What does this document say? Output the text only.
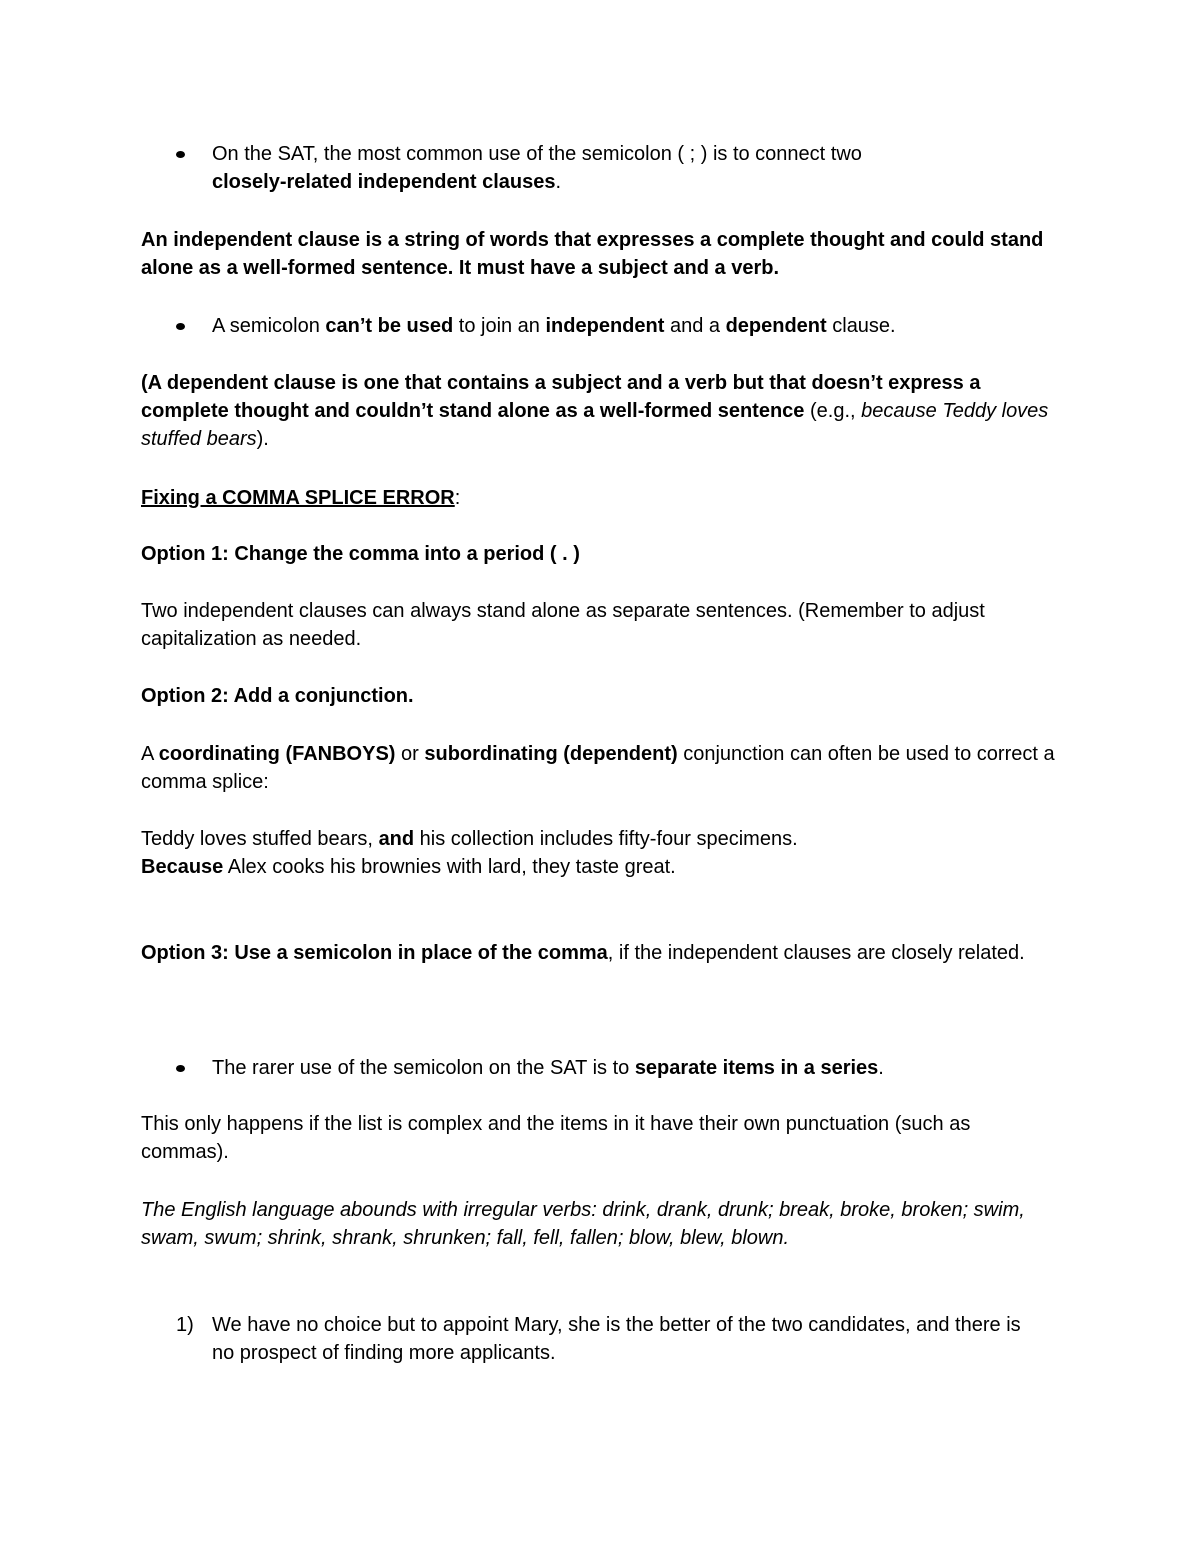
On the SAT, the most common use of the semicolon ( ; ) is to connect two
closely-related independent clauses.

An independent clause is a string of words that expresses a complete thought and could stand alone as a well-formed sentence. It must have a subject and a verb.

A semicolon can’t be used to join an independent and a dependent clause.

(A dependent clause is one that contains a subject and a verb but that doesn’t express a complete thought and couldn’t stand alone as a well-formed sentence (e.g., because Teddy loves stuffed bears).

Fixing a COMMA SPLICE ERROR:

Option 1: Change the comma into a period ( . )

Two independent clauses can always stand alone as separate sentences. (Remember to adjust capitalization as needed.

Option 2: Add a conjunction.

A coordinating (FANBOYS) or subordinating (dependent) conjunction can often be used to correct a comma splice:

Teddy loves stuffed bears, and his collection includes fifty-four specimens.
Because Alex cooks his brownies with lard, they taste great.

Option 3: Use a semicolon in place of the comma, if the independent clauses are closely related.

The rarer use of the semicolon on the SAT is to separate items in a series.

This only happens if the list is complex and the items in it have their own punctuation (such as commas).

The English language abounds with irregular verbs: drink, drank, drunk; break, broke, broken; swim, swam, swum; shrink, shrank, shrunken; fall, fell, fallen; blow, blew, blown.

1) We have no choice but to appoint Mary, she is the better of the two candidates, and there is no prospect of finding more applicants.
